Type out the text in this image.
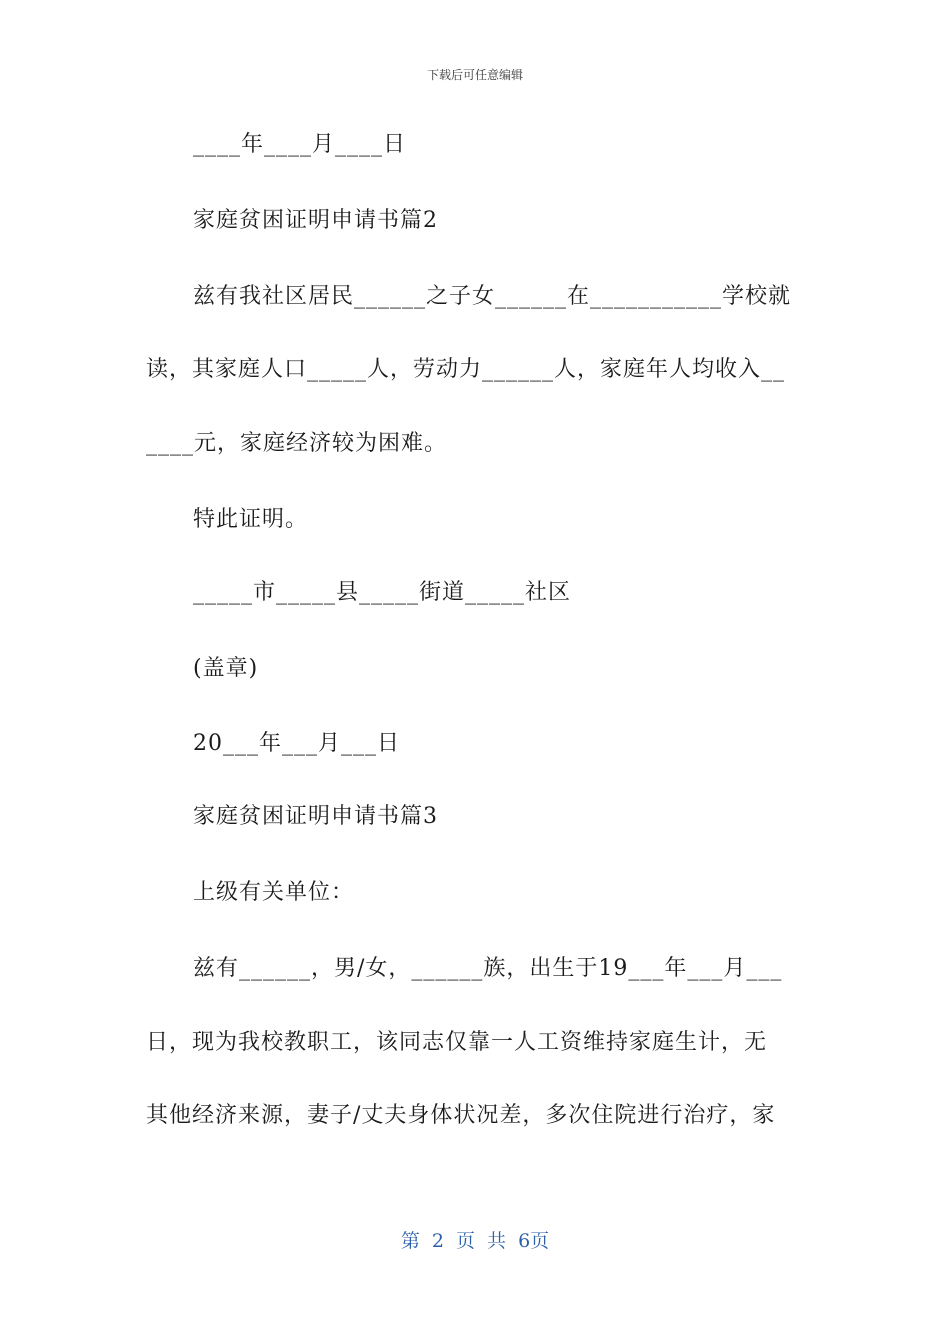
下载后可任意编辑
____年____月____日
家庭贫困证明申请书篇2
兹有我社区居民______之子女______在___________学校就
读，其家庭人口_____人，劳动力______人，家庭年人均收入__
____元，家庭经济较为困难。
特此证明。
_____市_____县_____街道_____社区
(盖章)
20___年___月___日
家庭贫困证明申请书篇3
上级有关单位：
兹有______，男/女，______族，出生于19___年___月___
日，现为我校教职工，该同志仅靠一人工资维持家庭生计，无
其他经济来源，妻子/丈夫身体状况差，多次住院进行治疗，家
第 2 页 共 6页
